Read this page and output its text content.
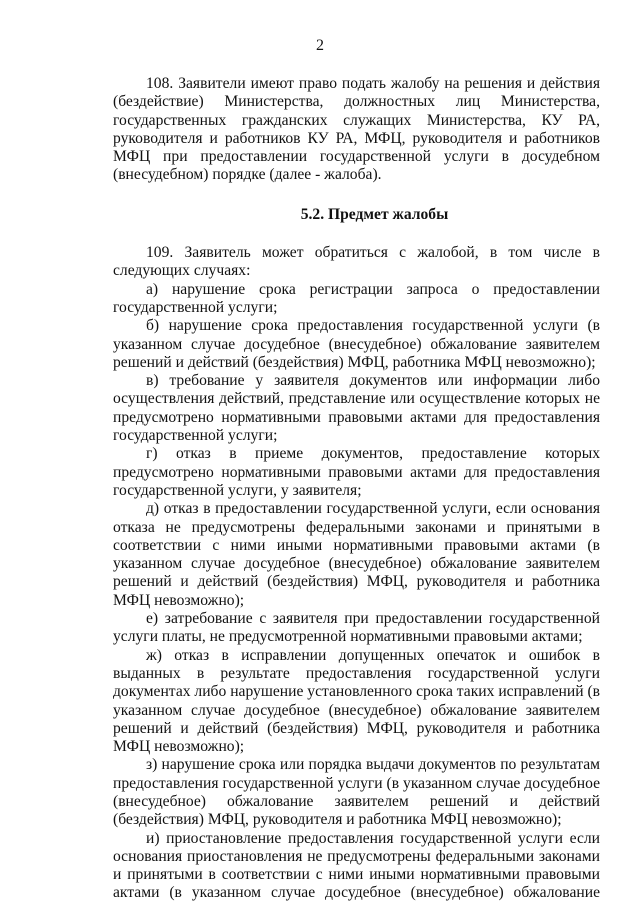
2

108. Заявители имеют право подать жалобу на решения и действия (бездействие) Министерства, должностных лиц Министерства, государственных гражданских служащих Министерства, КУ РА, руководителя и работников КУ РА, МФЦ, руководителя и работников МФЦ при предоставлении государственной услуги в досудебном (внесудебном) порядке (далее - жалоба).

5.2. Предмет жалобы

109. Заявитель может обратиться с жалобой, в том числе в следующих случаях:

а) нарушение срока регистрации запроса о предоставлении государственной услуги;

б) нарушение срока предоставления государственной услуги (в указанном случае досудебное (внесудебное) обжалование заявителем решений и действий (бездействия) МФЦ, работника МФЦ невозможно);

в) требование у заявителя документов или информации либо осуществления действий, представление или осуществление которых не предусмотрено нормативными правовыми актами для предоставления государственной услуги;

г) отказ в приеме документов, предоставление которых предусмотрено нормативными правовыми актами для предоставления государственной услуги, у заявителя;

д) отказ в предоставлении государственной услуги, если основания отказа не предусмотрены федеральными законами и принятыми в соответствии с ними иными нормативными правовыми актами (в указанном случае досудебное (внесудебное) обжалование заявителем решений и действий (бездействия) МФЦ, руководителя и работника МФЦ невозможно);

е) затребование с заявителя при предоставлении государственной услуги платы, не предусмотренной нормативными правовыми актами;

ж) отказ в исправлении допущенных опечаток и ошибок в выданных в результате предоставления государственной услуги документах либо нарушение установленного срока таких исправлений (в указанном случае досудебное (внесудебное) обжалование заявителем решений и действий (бездействия) МФЦ, руководителя и работника МФЦ невозможно);

з) нарушение срока или порядка выдачи документов по результатам предоставления государственной услуги (в указанном случае досудебное (внесудебное) обжалование заявителем решений и действий (бездействия) МФЦ, руководителя и работника МФЦ невозможно);

и) приостановление предоставления государственной услуги если основания приостановления не предусмотрены федеральными законами и принятыми в соответствии с ними иными нормативными правовыми актами (в указанном случае досудебное (внесудебное) обжалование
